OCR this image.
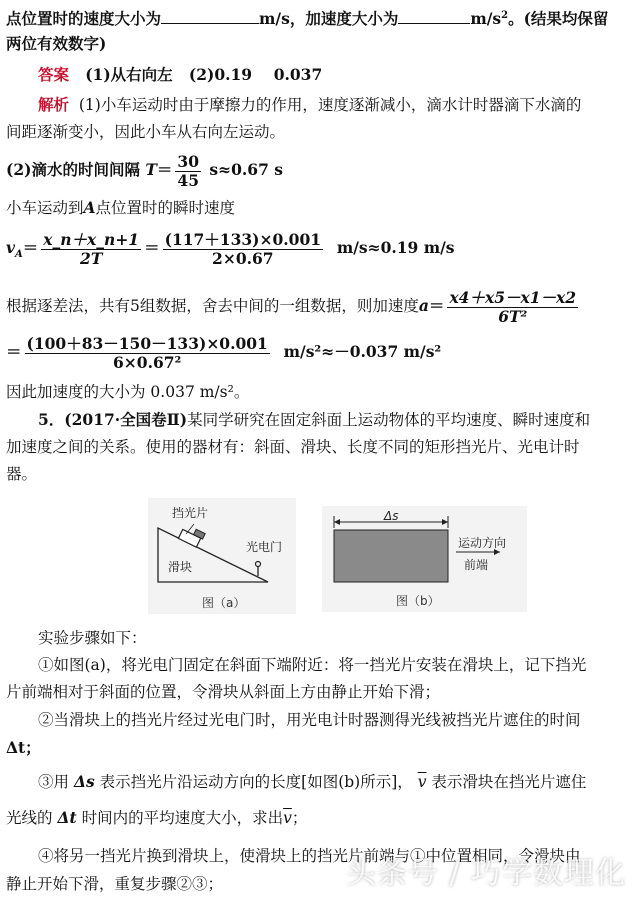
点位置时的速度大小为	m/s，加速度大小为	$m/s^2$。(结果均保留
两位有效数字)
答案 (1)从右向左 (2)0.19 0.037
解析 (1)小车运动时由于摩擦力的作用，速度逐渐减小，滴水计时器滴下水滴的
间距逐渐变小，因此小车从右向左运动。
(2)滴水的时间间隔 $T= \frac{30}{45} s\approx 0.67$ s
小车运动到A点位置时的瞬时速度
$v_A= \frac{x\_n+x\_n+1}{2T} = \frac{(117+133)\times 0.001}{2\times 0.67} m/s\approx 0.19$ m/s
根据逐差法，共有5组数据，舍去中间的一组数据，则加速度$a= \frac{x4+x5-x1-x2}{\text{6T²}}$
＝ $\frac{(100+83-150-133)\times 0.001}{\text{6×0.67²}} m/s^2\approx-0.037$ m/s²
因此加速度的大小为 0.037 m/s²。
5．(2017·全国卷Ⅱ)某同学研究在固定斜面上运动物体的平均速度、瞬时速度和
加速度之间的关系。使用的器材有：斜面、滑块、长度不同的矩形挡光片、光电计时
器。
挡光片
光电门
滑块
图（a）
Δs
运动方向
前端
图（b）
实验步骤如下：
①如图(a)，将光电门固定在斜面下端附近：将一挡光片安装在滑块上，记下挡光
片前端相对于斜面的位置，令滑块从斜面上方由静止开始下滑；
②当滑块上的挡光片经过光电门时，用光电计时器测得光线被挡光片遮住的时间
Δt；
③用 Δs 表示挡光片沿运动方向的长度[如图(b)所示]， $\overline{v}$ 表示滑块在挡光片遮住
光线的 Δt 时间内的平均速度大小，求出$\overline{v}$；
④将另一挡光片换到滑块上，使滑块上的挡光片前端与①中位置相同，令滑块由
静止开始下滑，重复步骤②③；	头条号 / 巧学数理化
